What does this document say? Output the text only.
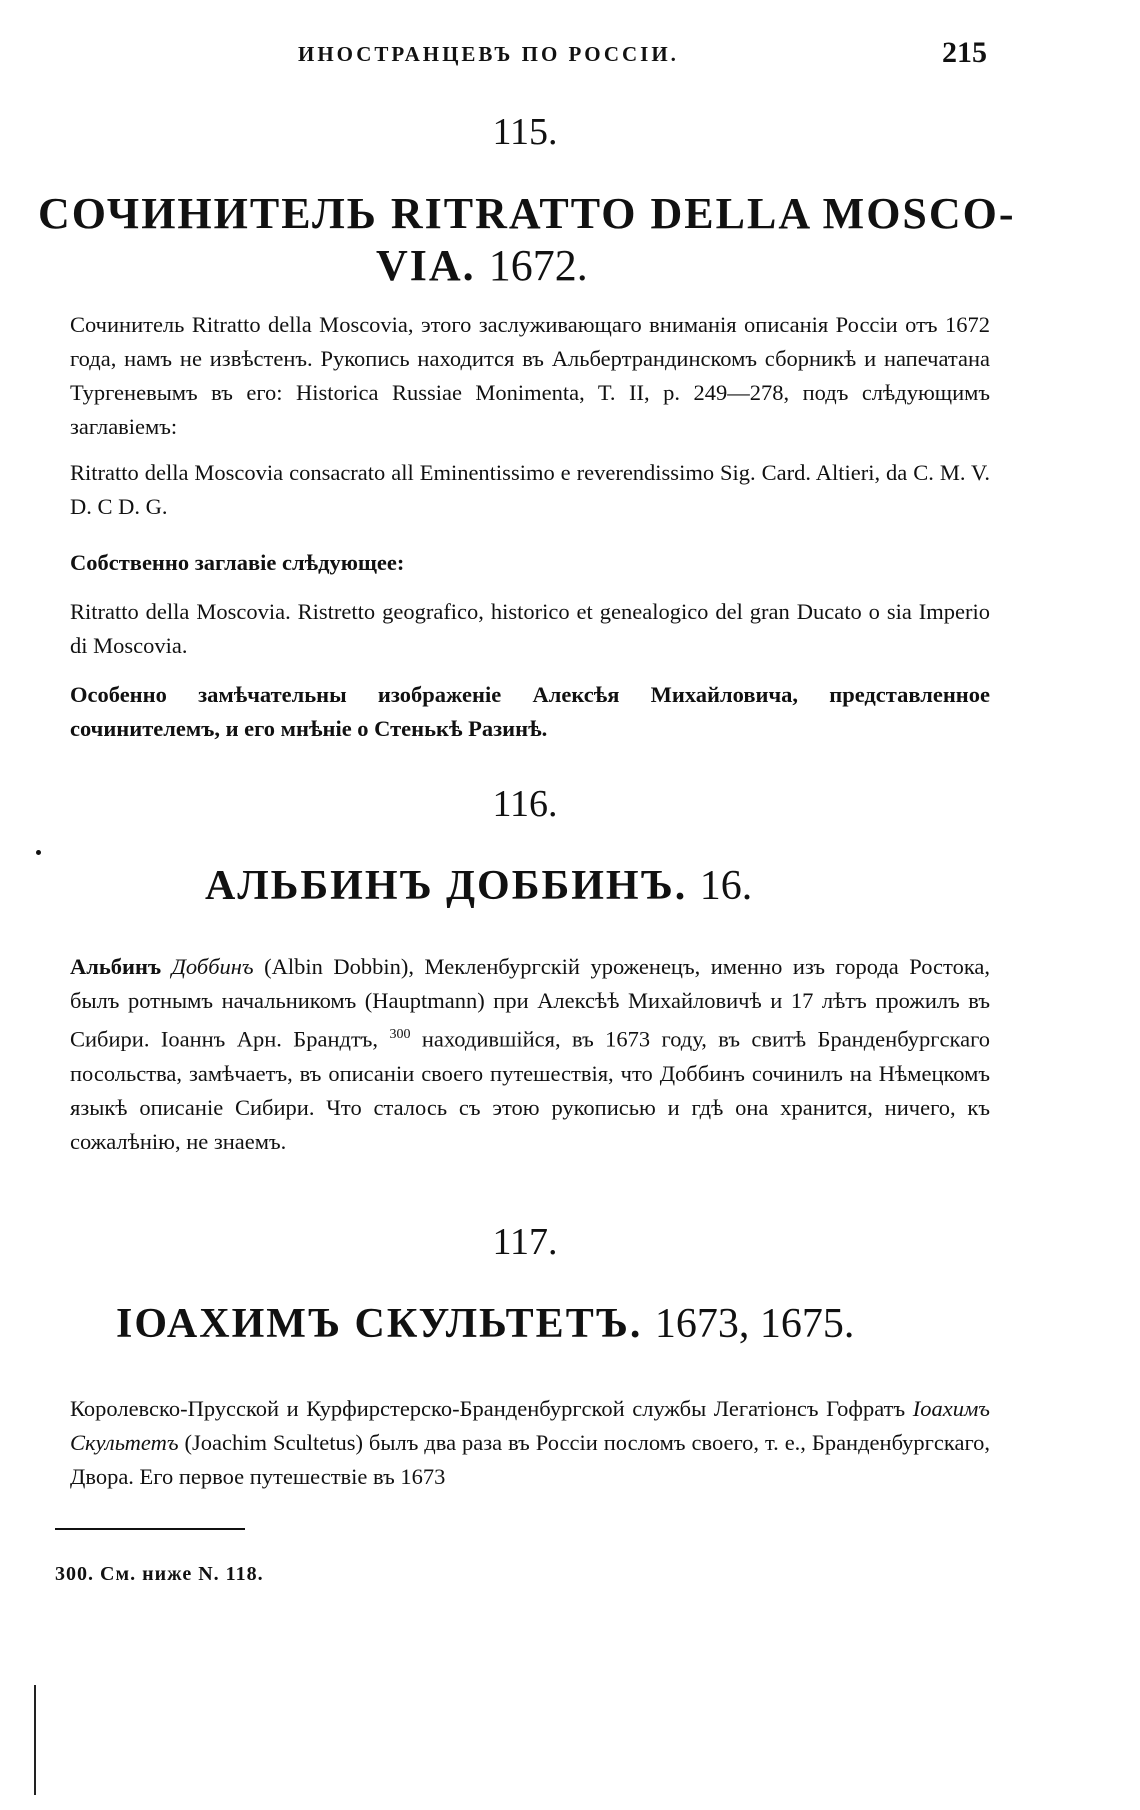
ИНОСТРАНЦЕВЪ ПО РОССІИ.	215
115.
СОЧИНИТЕЛЬ RITRATTO DELLA MOSCO-
VIA. 1672.

Сочинитель Ritratto della Moscovia, этого заслуживающаго вниманія описанія Россіи отъ 1672 года, намъ не извѣстенъ. Рукопись находится въ Альбертрандинскомъ сборникѣ и напечатана Тургеневымъ въ его: Historica Russiae Monimenta, T. II, p. 249—278, подъ слѣдующимъ заглавіемъ:

Ritratto della Moscovia consacrato all Eminentissimo e reverendissimo Sig. Card. Altieri, da C. M. V. D. C D. G.

Собственно заглавіе слѣдующее:

Ritratto della Moscovia. Ristretto geografico, historico et genealogico del gran Ducato o sia Imperio di Moscovia.

Особенно замѣчательны изображеніе Алексѣя Михайловича, представленное сочинителемъ, и его мнѣніе о Стенькѣ Разинѣ.

116.
АЛЬБИНЪ ДОББИНЪ. 16.

Альбинъ Доббинъ (Albin Dobbin), Мекленбургскій уроженецъ, именно изъ города Ростока, былъ ротнымъ начальникомъ (Hauptmann) при Алексѣѣ Михайловичѣ и 17 лѣтъ прожилъ въ Сибири. Іоаннъ Арн. Брандтъ, $^{300}$ находившійся, въ 1673 году, въ свитѣ Бранденбургскаго посольства, замѣчаетъ, въ описаніи своего путешествія, что Доббинъ сочинилъ на Нѣмецкомъ языкѣ описаніе Сибири. Что сталось съ этою рукописью и гдѣ она хранится, ничего, къ сожалѣнію, не знаемъ.

117.
ІОАХИМЪ СКУЛЬТЕТЪ. 1673, 1675.

Королевско-Прусской и Курфирстерско-Бранденбургской службы Легатіонсъ Гофратъ Іоахимъ Скультетъ (Joachim Scultetus) былъ два раза въ Россіи посломъ своего, т. е., Бранденбургскаго, Двора. Его первое путешествіе въ 1673

300. См. ниже N. 118.
